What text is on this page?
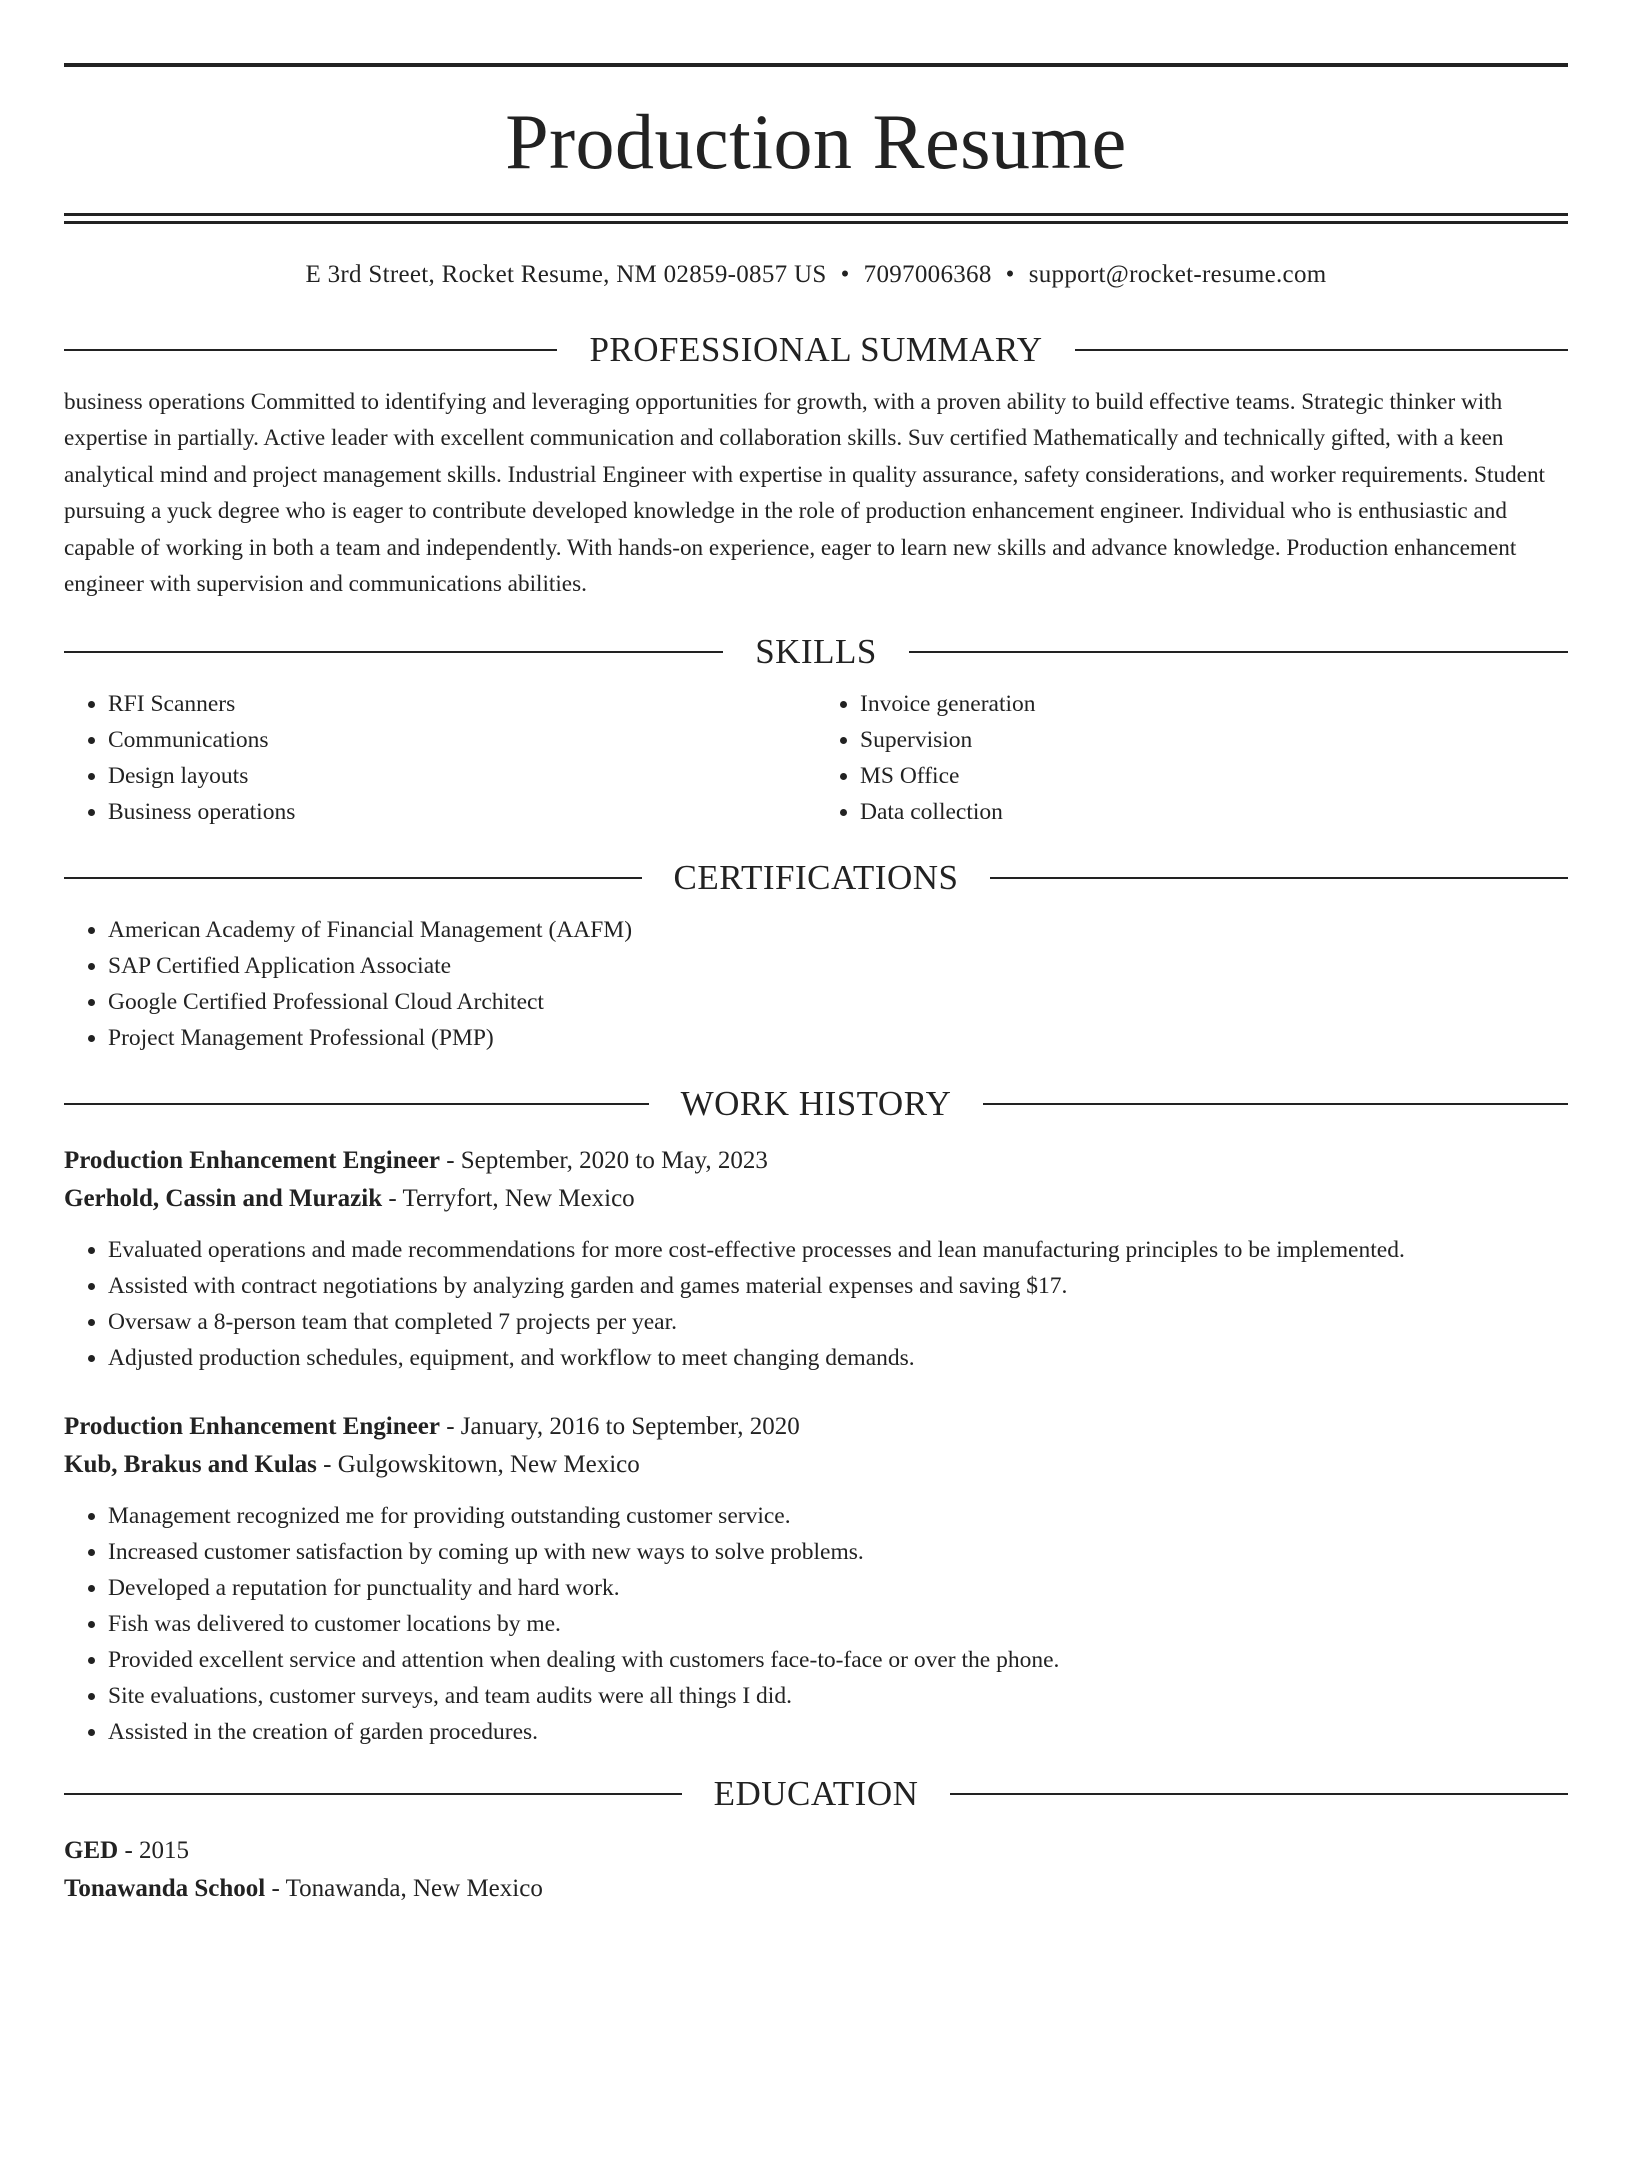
Production Resume
E 3rd Street, Rocket Resume, NM 02859-0857 US • 7097006368 • support@rocket-resume.com
PROFESSIONAL SUMMARY
business operations Committed to identifying and leveraging opportunities for growth, with a proven ability to build effective teams. Strategic thinker with expertise in partially. Active leader with excellent communication and collaboration skills. Suv certified Mathematically and technically gifted, with a keen analytical mind and project management skills. Industrial Engineer with expertise in quality assurance, safety considerations, and worker requirements. Student pursuing a yuck degree who is eager to contribute developed knowledge in the role of production enhancement engineer. Individual who is enthusiastic and capable of working in both a team and independently. With hands-on experience, eager to learn new skills and advance knowledge. Production enhancement engineer with supervision and communications abilities.
SKILLS
• RFI Scanners
• Communications
• Design layouts
• Business operations
• Invoice generation
• Supervision
• MS Office
• Data collection
CERTIFICATIONS
• American Academy of Financial Management (AAFM)
• SAP Certified Application Associate
• Google Certified Professional Cloud Architect
• Project Management Professional (PMP)
WORK HISTORY
Production Enhancement Engineer - September, 2020 to May, 2023
Gerhold, Cassin and Murazik - Terryfort, New Mexico
• Evaluated operations and made recommendations for more cost-effective processes and lean manufacturing principles to be implemented.
• Assisted with contract negotiations by analyzing garden and games material expenses and saving $17.
• Oversaw a 8-person team that completed 7 projects per year.
• Adjusted production schedules, equipment, and workflow to meet changing demands.
Production Enhancement Engineer - January, 2016 to September, 2020
Kub, Brakus and Kulas - Gulgowskitown, New Mexico
• Management recognized me for providing outstanding customer service.
• Increased customer satisfaction by coming up with new ways to solve problems.
• Developed a reputation for punctuality and hard work.
• Fish was delivered to customer locations by me.
• Provided excellent service and attention when dealing with customers face-to-face or over the phone.
• Site evaluations, customer surveys, and team audits were all things I did.
• Assisted in the creation of garden procedures.
EDUCATION
GED - 2015
Tonawanda School - Tonawanda, New Mexico
